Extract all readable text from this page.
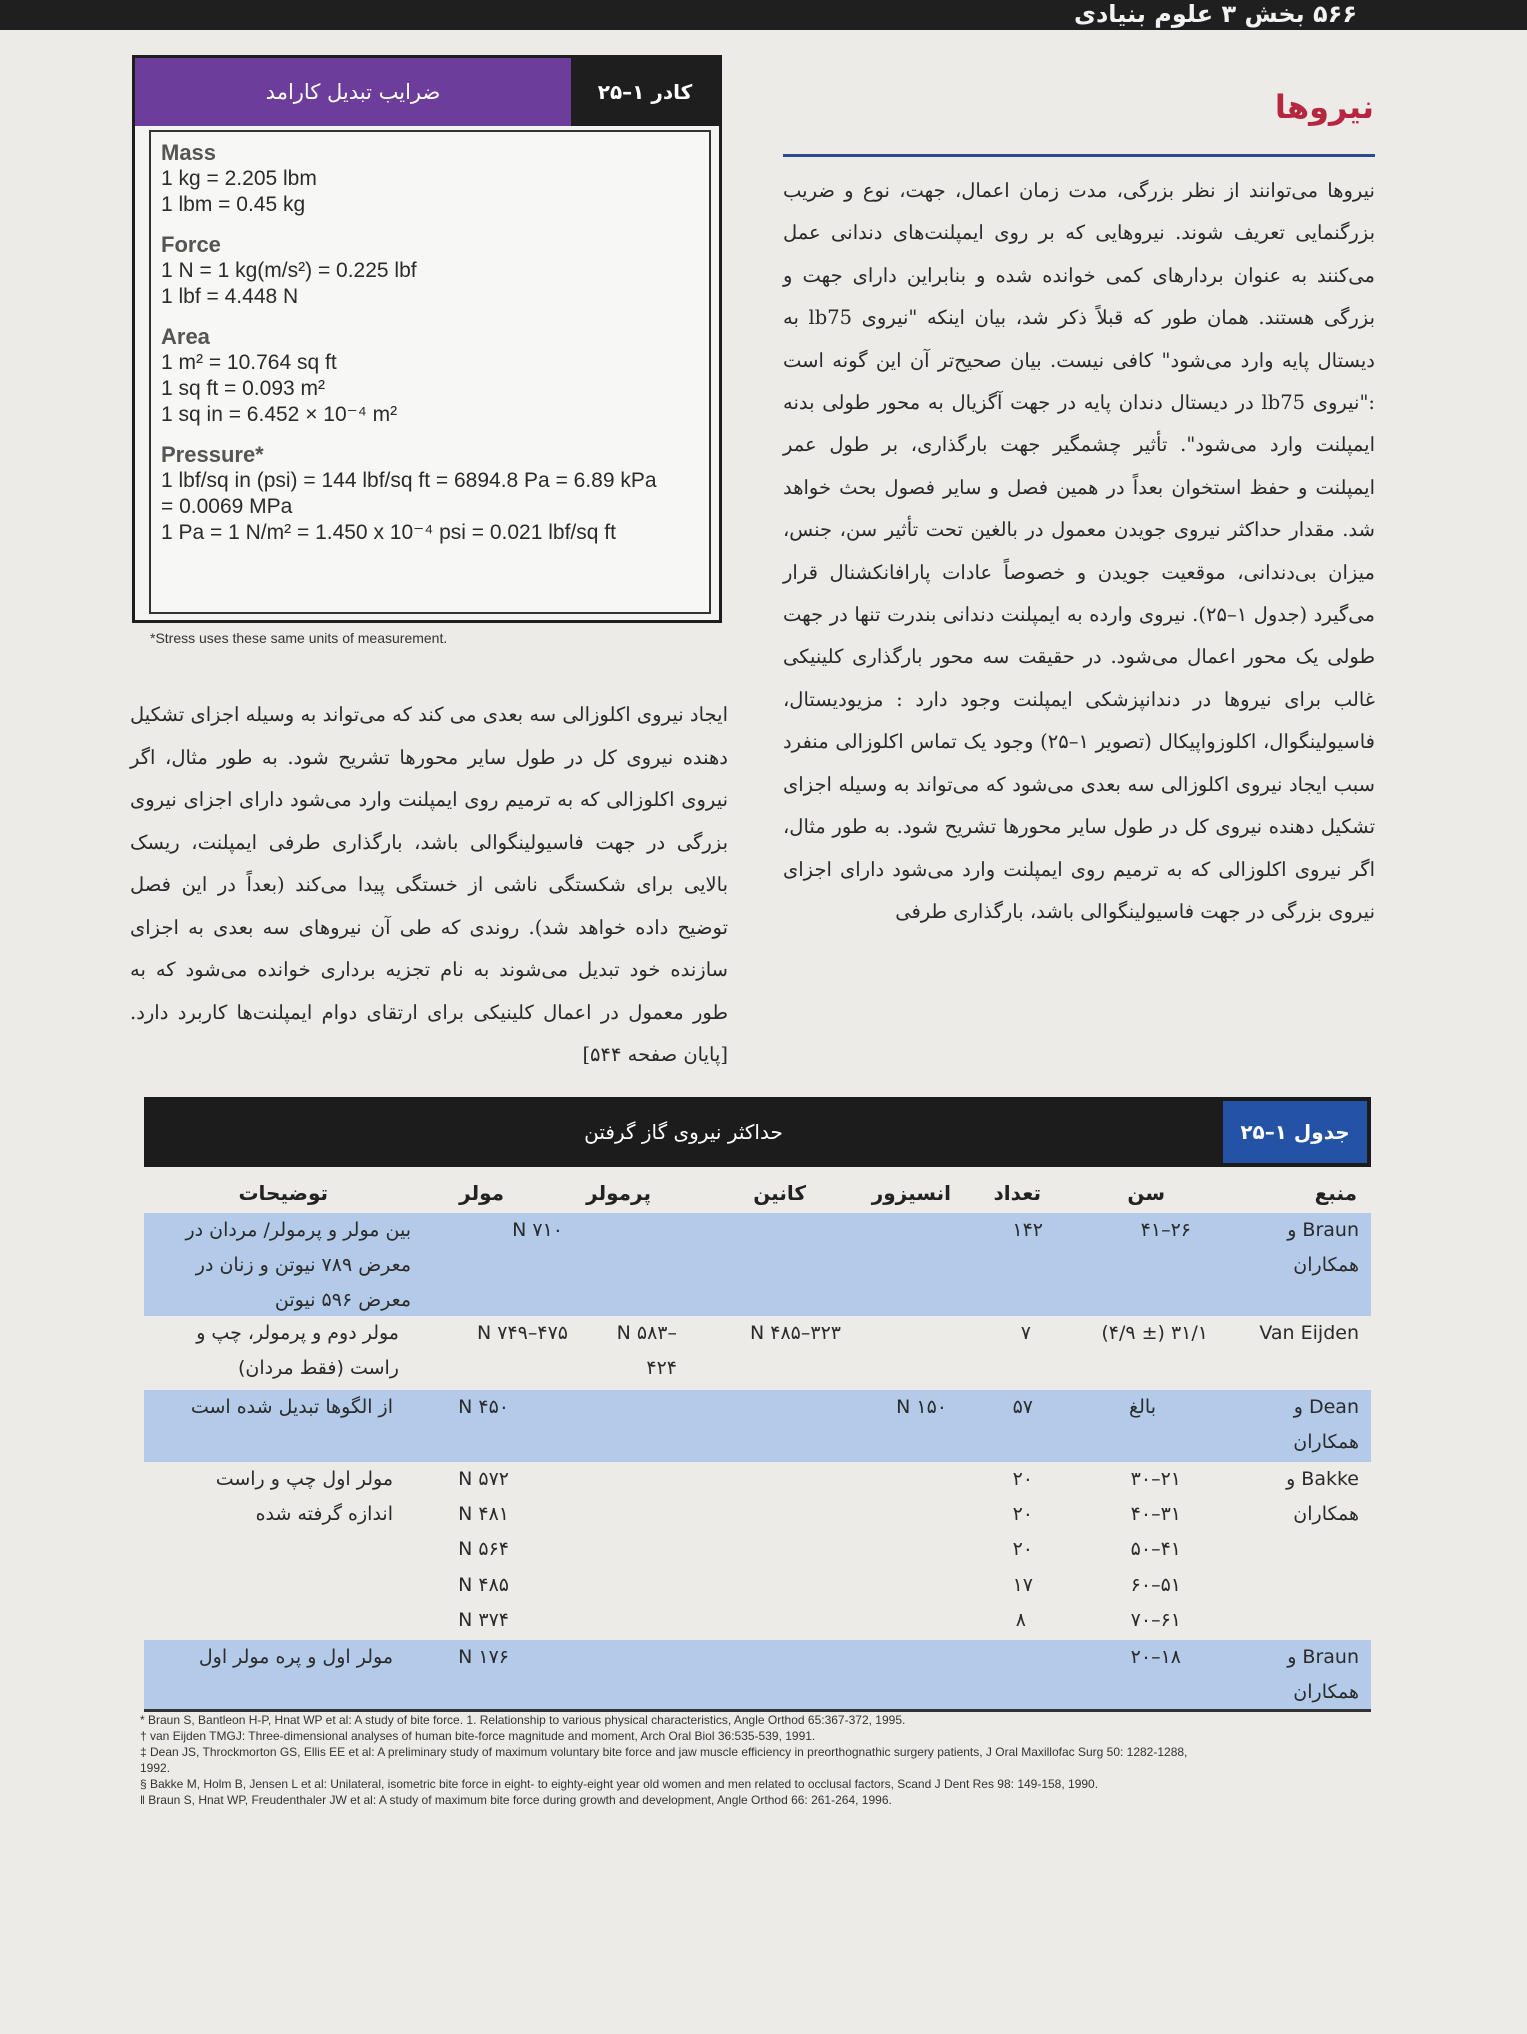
۵۶۶ بخش ۳ علوم بنیادی
نیروها
نیروها می‌توانند از نظر بزرگی، مدت زمان اعمال، جهت، نوع و ضریب بزرگنمایی تعریف شوند. نیروهایی که بر روی ایمپلنت‌های دندانی عمل می‌کنند به عنوان بردارهای کمی خوانده شده و بنابراین دارای جهت و بزرگی هستند. همان طور که قبلاً ذکر شد، بیان اینکه "نیروی lb75 به دیستال پایه وارد می‌شود" کافی نیست. بیان صحیح‌تر آن این گونه است :"نیروی lb75 در دیستال دندان پایه در جهت آگزیال به محور طولی بدنه ایمپلنت وارد می‌شود". تأثیر چشمگیر جهت بارگذاری، بر طول عمر ایمپلنت و حفظ استخوان بعداً در همین فصل و سایر فصول بحث خواهد شد. مقدار حداکثر نیروی جویدن معمول در بالغین تحت تأثیر سن، جنس، میزان بی‌دندانی، موقعیت جویدن و خصوصاً عادات پارافانکشنال قرار می‌گیرد (جدول ۱–۲۵). نیروی وارده به ایمپلنت دندانی بندرت تنها در جهت طولی یک محور اعمال می‌شود. در حقیقت سه محور بارگذاری کلینیکی غالب برای نیروها در دندانپزشکی ایمپلنت وجود دارد : مزیودیستال، فاسیولینگوال، اکلوزواپیکال (تصویر ۱–۲۵) وجود یک تماس اکلوزالی منفرد سبب ایجاد نیروی اکلوزالی سه بعدی می‌شود که می‌تواند به وسیله اجزای تشکیل دهنده نیروی کل در طول سایر محورها تشریح شود. به طور مثال، اگر نیروی اکلوزالی که به ترمیم روی ایمپلنت وارد می‌شود دارای اجزای نیروی بزرگی در جهت فاسیولینگوالی باشد، بارگذاری طرفی
ضرایب تبدیل کارامد	کادر ۱–۲۵
Mass
1 kg = 2.205 lbm
1 lbm = 0.45 kg
Force
1 N = 1 kg(m/s²) = 0.225 lbf
1 lbf = 4.448 N
Area
1 m² = 10.764 sq ft
1 sq ft = 0.093 m²
1 sq in = 6.452 × 10⁻⁴ m²
Pressure*
1 lbf/sq in (psi) = 144 lbf/sq ft = 6894.8 Pa = 6.89 kPa
= 0.0069 MPa
1 Pa = 1 N/m² = 1.450 x 10⁻⁴ psi = 0.021 lbf/sq ft
*Stress uses these same units of measurement.
ایجاد نیروی اکلوزالی سه بعدی می کند که می‌تواند به وسیله اجزای تشکیل دهنده نیروی کل در طول سایر محورها تشریح شود. به طور مثال، اگر نیروی اکلوزالی که به ترمیم روی ایمپلنت وارد می‌شود دارای اجزای نیروی بزرگی در جهت فاسیولینگوالی باشد، بارگذاری طرفی ایمپلنت، ریسک بالایی برای شکستگی ناشی از خستگی پیدا می‌کند (بعداً در این فصل توضیح داده خواهد شد). روندی که طی آن نیروهای سه بعدی به اجزای سازنده خود تبدیل می‌شوند به نام تجزیه برداری خوانده می‌شود که به طور معمول در اعمال کلینیکی برای ارتقای دوام ایمپلنت‌ها کاربرد دارد. [پایان صفحه ۵۴۴]
حداکثر نیروی گاز گرفتن	جدول ۱–۲۵
منبع
سن
تعداد
انسیزور
کانین
پرمولر
مولر
توضیحات
Braun و همکاران
۲۶–۴۱
۱۴۲
۷۱۰ N
بین مولر و پرمولر/ مردان در معرض ۷۸۹ نیوتن و زنان در معرض ۵۹۶ نیوتن
Van Eijden
۳۱/۱ (± ۴/۹)
۷
۳۲۳–۴۸۵ N
–۵۸۳ N ۴۲۴
۴۷۵–۷۴۹ N
مولر دوم و پرمولر، چپ و راست (فقط مردان)
Dean و همکاران
بالغ
۵۷
۱۵۰ N
۴۵۰ N
از الگوها تبدیل شده است
Bakke و همکاران
مولر اول چپ و راست اندازه گرفته شده
۲۱–۳۰
۲۰
۵۷۲ N
۳۱–۴۰
۲۰
۴۸۱ N
۴۱–۵۰
۲۰
۵۶۴ N
۵۱–۶۰
۱۷
۴۸۵ N
۶۱–۷۰
۸
۳۷۴ N
Braun و همکاران
۱۸–۲۰
۱۷۶ N
مولر اول و پره مولر اول
* Braun S, Bantleon H-P, Hnat WP et al: A study of bite force. 1. Relationship to various physical characteristics, Angle Orthod 65:367-372, 1995.
† van Eijden TMGJ: Three-dimensional analyses of human bite-force magnitude and moment, Arch Oral Biol 36:535-539, 1991.
‡ Dean JS, Throckmorton GS, Ellis EE et al: A preliminary study of maximum voluntary bite force and jaw muscle efficiency in preorthognathic surgery patients, J Oral Maxillofac Surg 50: 1282-1288, 1992.
§ Bakke M, Holm B, Jensen L et al: Unilateral, isometric bite force in eight- to eighty-eight year old women and men related to occlusal factors, Scand J Dent Res 98: 149-158, 1990.
‖ Braun S, Hnat WP, Freudenthaler JW et al: A study of maximum bite force during growth and development, Angle Orthod 66: 261-264, 1996.
